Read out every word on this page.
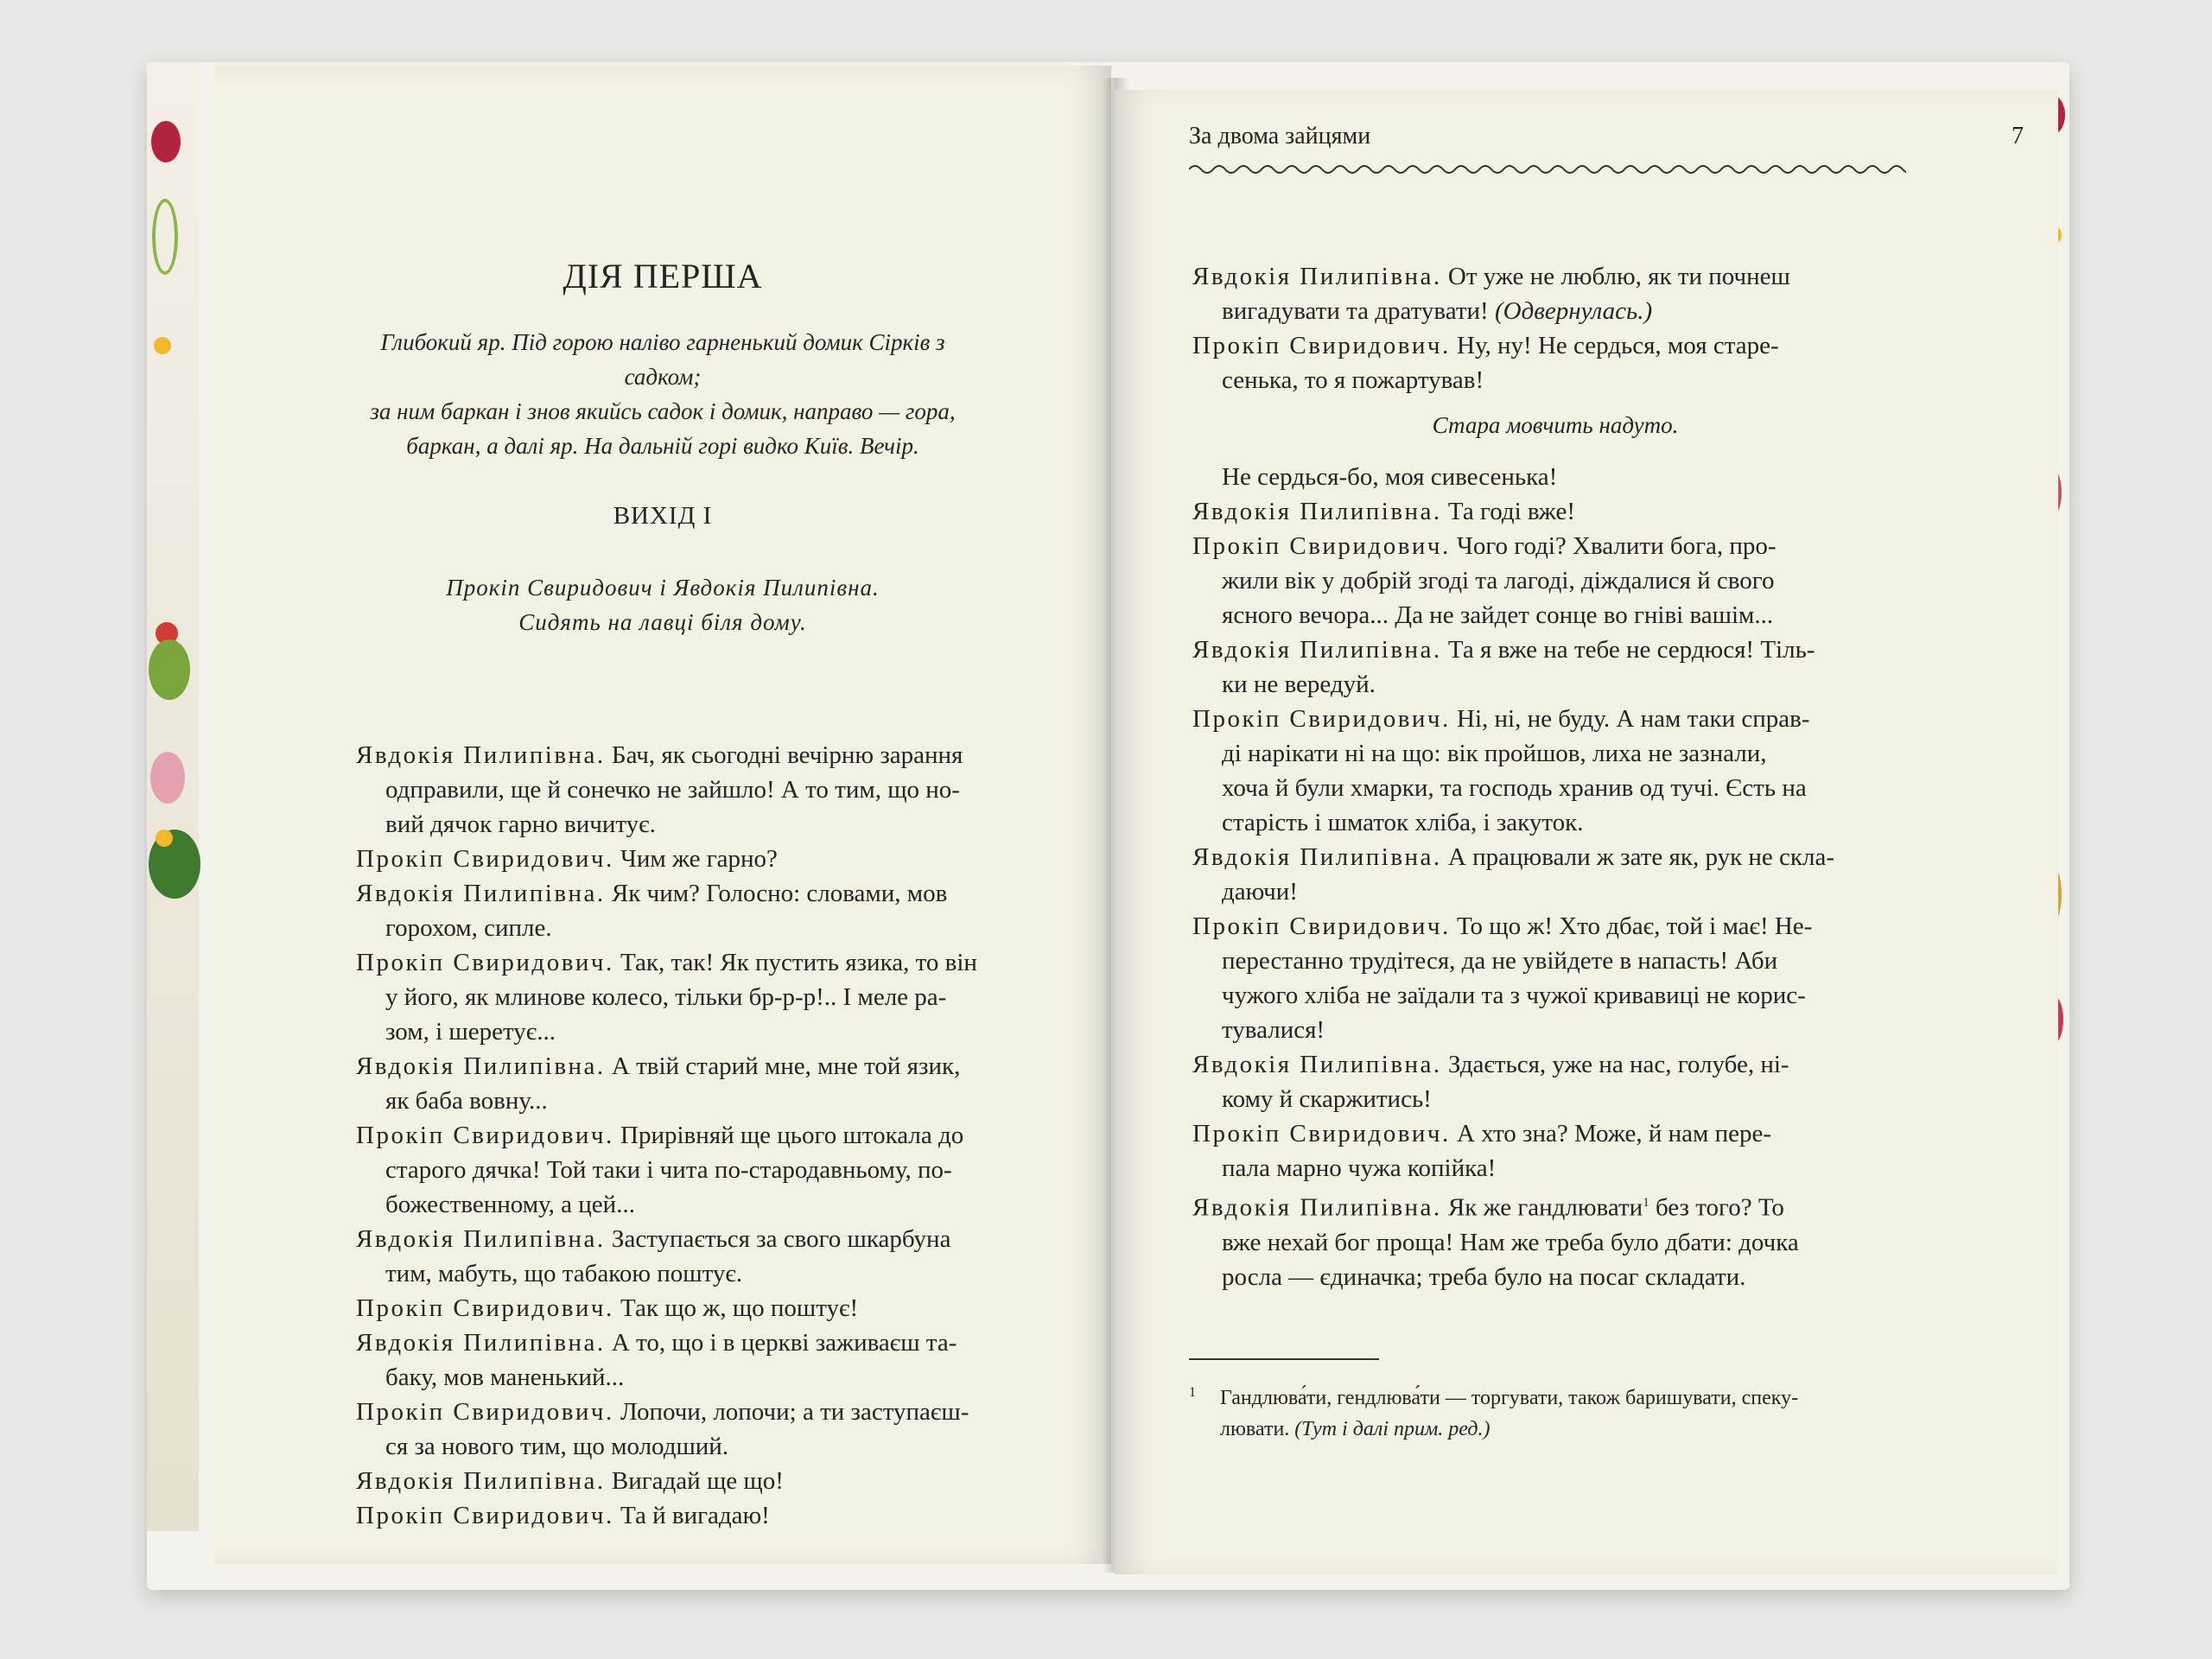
ДІЯ ПЕРША
Глибокий яр. Під горою наліво гарненький домик Сірків з садком;
за ним баркан і знов якийсь садок і домик, направо — гора,
баркан, а далі яр. На дальній горі видко Київ. Вечір.
ВИХІД І
Прокіп Свиридович і Явдокія Пилипівна.
Сидять на лавці біля дому.

Явдокія Пилипівна. Бач, як сьогодні вечірню зарання
одправили, ще й сонечко не зайшло! А то тим, що но-
вий дячок гарно вичитує.

Прокіп Свиридович. Чим же гарно?

Явдокія Пилипівна. Як чим? Голосно: словами, мов
горохом, сипле.

Прокіп Свиридович. Так, так! Як пустить язика, то він
у його, як млинове колесо, тільки бр-р-р!.. І меле ра-
зом, і шеретує...

Явдокія Пилипівна. А твій старий мне, мне той язик,
як баба вовну...

Прокіп Свиридович. Прирівняй ще цього штокала до
старого дячка! Той таки і чита по-стародавньому, по-
божественному, а цей...

Явдокія Пилипівна. Заступається за свого шкарбуна
тим, мабуть, що табакою поштує.

Прокіп Свиридович. Так що ж, що поштує!

Явдокія Пилипівна. А то, що і в церкві заживаєш та-
баку, мов маненький...

Прокіп Свиридович. Лопочи, лопочи; а ти заступаєш-
ся за нового тим, що молодший.

Явдокія Пилипівна. Вигадай ще що!

Прокіп Свиридович. Та й вигадаю!

За двома зайцями	7

Явдокія Пилипівна. От уже не люблю, як ти почнеш
вигадувати та дратувати! (Одвернулась.)

Прокіп Свиридович. Ну, ну! Не сердься, моя старе-
сенька, то я пожартував!

Стара мовчить надуто.

Не сердься-бо, моя сивесенька!

Явдокія Пилипівна. Та годі вже!

Прокіп Свиридович. Чого годі? Хвалити бога, про-
жили вік у добрій згоді та лагоді, діждалися й свого
ясного вечора... Да не зайдет сонце во гніві вашім...

Явдокія Пилипівна. Та я вже на тебе не сердюся! Тіль-
ки не вередуй.

Прокіп Свиридович. Ні, ні, не буду. А нам таки справ-
ді нарікати ні на що: вік пройшов, лиха не зазнали,
хоча й були хмарки, та господь хранив од тучі. Єсть на
старість і шматок хліба, і закуток.

Явдокія Пилипівна. А працювали ж зате як, рук не скла-
даючи!

Прокіп Свиридович. То що ж! Хто дбає, той і має! Не-
перестанно трудітеся, да не увійдете в напасть! Аби
чужого хліба не заїдали та з чужої кривавиці не корис-
тувалися!

Явдокія Пилипівна. Здається, уже на нас, голубе, ні-
кому й скаржитись!

Прокіп Свиридович. А хто зна? Може, й нам пере-
пала марно чужа копійка!

Явдокія Пилипівна. Як же гандлювати$^1$ без того? То
вже нехай бог проща! Нам же треба було дбати: дочка
росла — єдиначка; треба було на посаг складати.

1 Гандлюва́ти, гендлюва́ти — торгувати, також баришувати, спеку-
лювати. (Тут і далі прим. ред.)
